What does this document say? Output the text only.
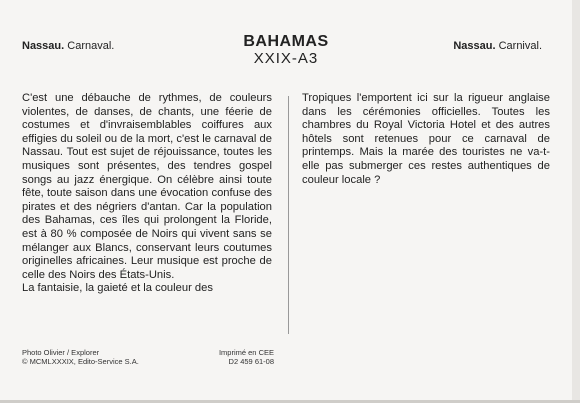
Nassau. Carnaval.	BAHAMAS
XXIX-A3
Nassau. Carnival.

C'est une débauche de rythmes, de couleurs violentes, de danses, de chants, une féerie de costumes et d'invraisemblables coiffures aux effigies du soleil ou de la mort, c'est le carnaval de Nassau. Tout est sujet de réjouissance, toutes les musiques sont présentes, des tendres gospel songs au jazz énergique. On célèbre ainsi toute fête, toute saison dans une évocation confuse des pirates et des négriers d'antan. Car la population des Bahamas, ces îles qui prolongent la Floride, est à 80 % composée de Noirs qui vivent sans se mélanger aux Blancs, conservant leurs coutumes originelles africaines. Leur musique est proche de celle des Noirs des États-Unis.

La fantaisie, la gaieté et la couleur des

Tropiques l'emportent ici sur la rigueur anglaise dans les cérémonies officielles. Toutes les chambres du Royal Victoria Hotel et des autres hôtels sont retenues pour ce carnaval de printemps. Mais la marée des touristes ne va-t-elle pas submerger ces restes authentiques de couleur locale ?

Photo Olivier / Explorer
© MCMLXXXIX, Edito-Service S.A.
Imprimé en CEE
D2 459 61-08
